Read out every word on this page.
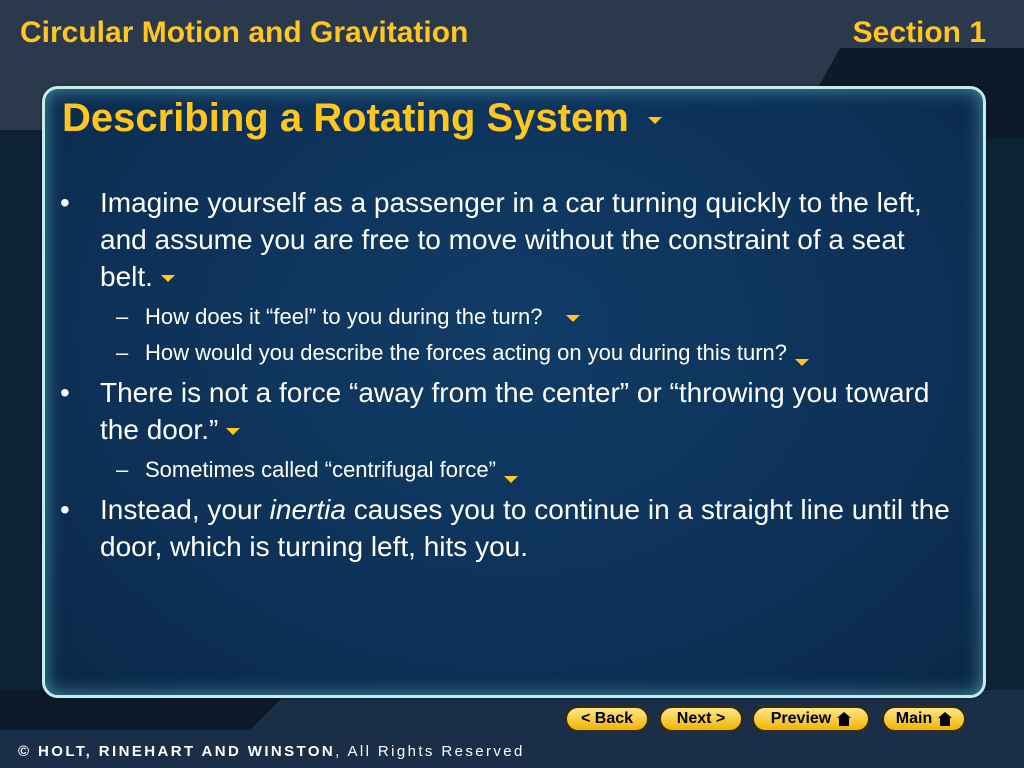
Circular Motion and Gravitation	Section 1
Describing a Rotating System
• Imagine yourself as a passenger in a car turning quickly to the left, and assume you are free to move without the constraint of a seat belt.
– How does it “feel” to you during the turn?
– How would you describe the forces acting on you during this turn?
• There is not a force “away from the center” or “throwing you toward the door.”
– Sometimes called “centrifugal force”
• Instead, your inertia causes you to continue in a straight line until the door, which is turning left, hits you.
< Back	Next >	Preview	Main
© HOLT, RINEHART AND WINSTON, All Rights Reserved
